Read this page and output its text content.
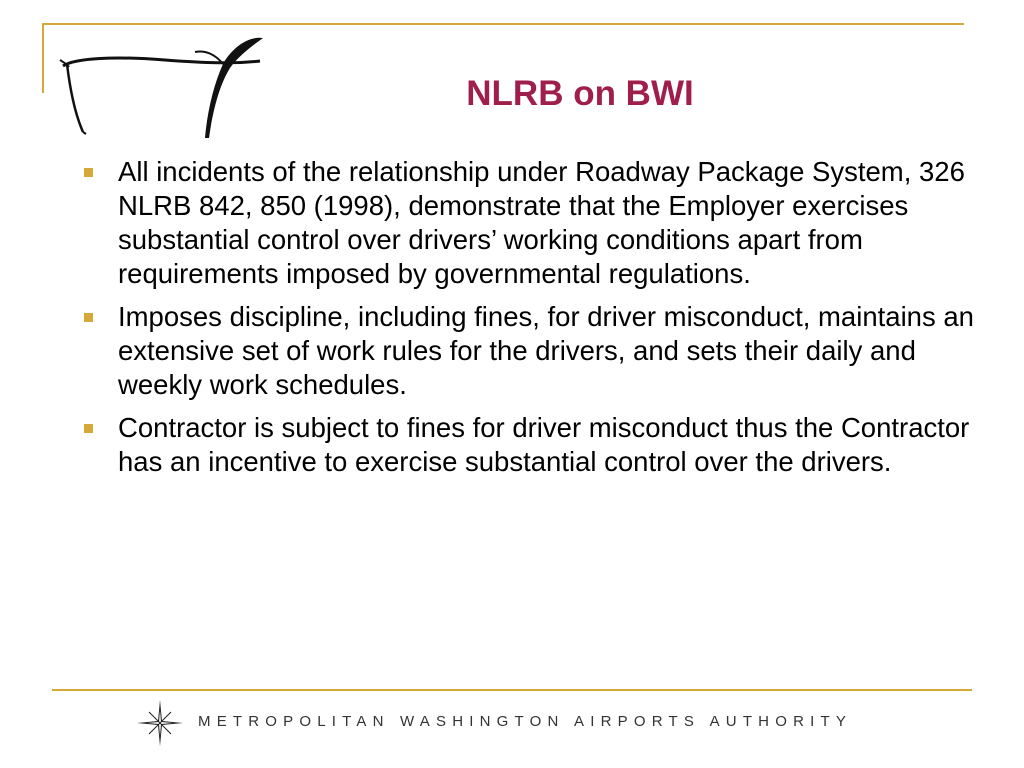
NLRB on BWI
All incidents of the relationship under Roadway Package System, 326 NLRB 842, 850 (1998), demonstrate that the Employer exercises substantial control over drivers’ working conditions apart from requirements imposed by governmental regulations.
Imposes discipline, including fines, for driver misconduct, maintains an extensive set of work rules for the drivers, and sets their daily and weekly work schedules.
Contractor is subject to fines for driver misconduct thus the Contractor has an incentive to exercise substantial control over the drivers.
METROPOLITAN WASHINGTON AIRPORTS AUTHORITY
